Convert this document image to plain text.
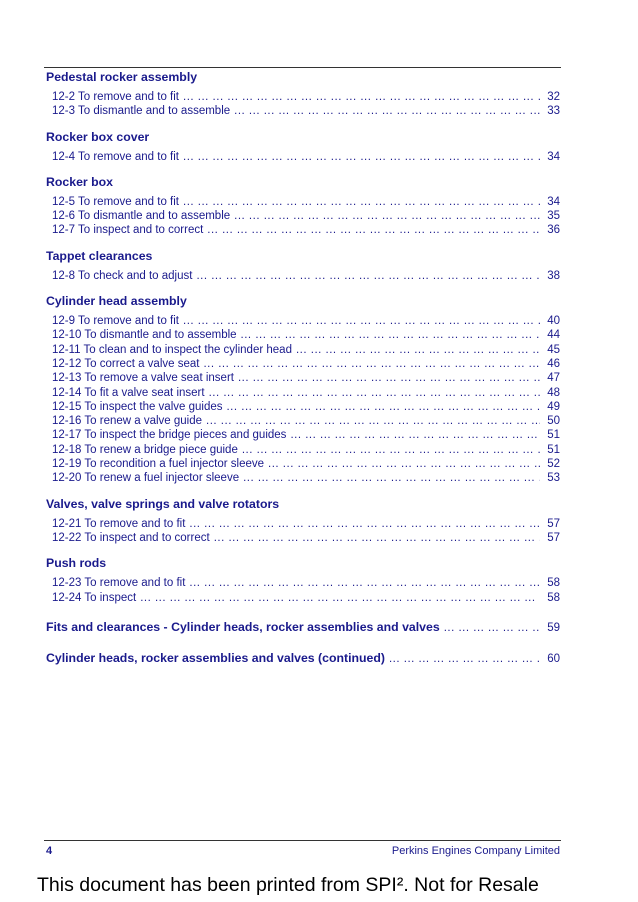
Pedestal rocker assembly
12-2 To remove and to fit ... .	32
12-3 To dismantle and to assemble ... .	33
Rocker box cover
12-4 To remove and to fit ... .	34
Rocker box
12-5 To remove and to fit ... .	34
12-6 To dismantle and to assemble ... .	35
12-7 To inspect and to correct ... .	36
Tappet clearances
12-8 To check and to adjust ... .	38
Cylinder head assembly
12-9 To remove and to fit ... .	40
12-10 To dismantle and to assemble ... .	44
12-11 To clean and to inspect the cylinder head ... .	45
12-12 To correct a valve seat ... .	46
12-13 To remove a valve seat insert ... .	47
12-14 To fit a valve seat insert ... .	48
12-15 To inspect the valve guides ... .	49
12-16 To renew a valve guide ... .	50
12-17 To inspect the bridge pieces and guides ... .	51
12-18 To renew a bridge piece guide ... .	51
12-19 To recondition a fuel injector sleeve ... .	52
12-20 To renew a fuel injector sleeve ... .	53
Valves, valve springs and valve rotators
12-21 To remove and to fit ... .	57
12-22 To inspect and to correct ... .	57
Push rods
12-23 To remove and to fit ... .	58
12-24 To inspect ... .	58
Fits and clearances - Cylinder heads, rocker assemblies and valves ... .	59
Cylinder heads, rocker assemblies and valves (continued) ... .	60
4	Perkins Engines Company Limited
This document has been printed from SPI². Not for Resale
